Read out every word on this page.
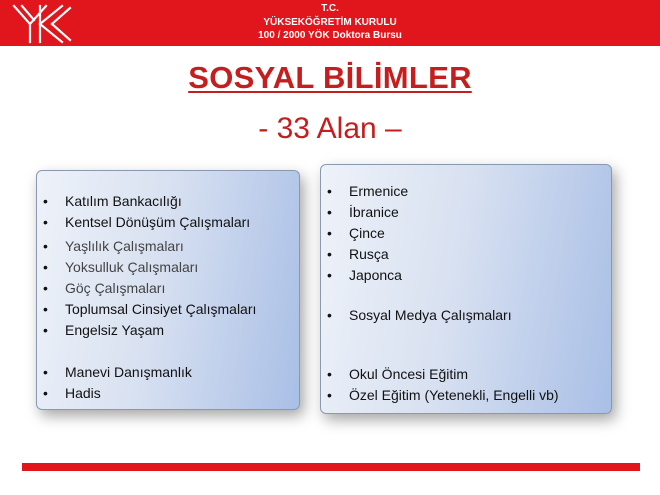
T.C.
YÜKSEKÖĞRETİM KURULU
100 / 2000 YÖK Doktora Bursu
SOSYAL BİLİMLER
- 33 Alan –
• Katılım Bankacılığı
• Kentsel Dönüşüm Çalışmaları
• Yaşlılık Çalışmaları
• Yoksulluk Çalışmaları
• Göç Çalışmaları
• Toplumsal Cinsiyet Çalışmaları
• Engelsiz Yaşam
• Manevi Danışmanlık
• Hadis
• Ermenice
• İbranice
• Çince
• Rusça
• Japonca
• Sosyal Medya Çalışmaları
• Okul Öncesi Eğitim
• Özel Eğitim (Yetenekli, Engelli vb)
